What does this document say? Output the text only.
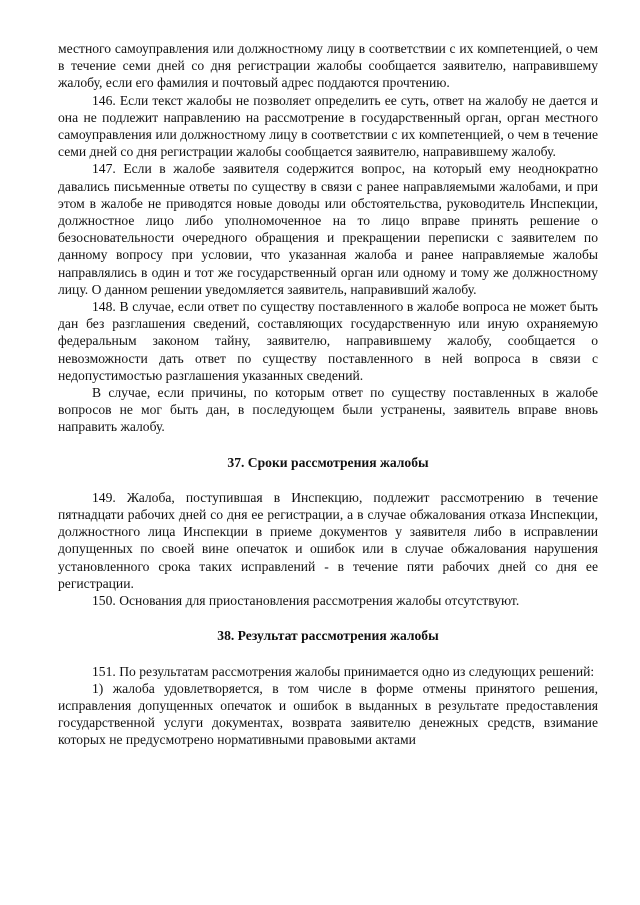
местного самоуправления или должностному лицу в соответствии с их компетенцией, о чем в течение семи дней со дня регистрации жалобы сообщается заявителю, направившему жалобу, если его фамилия и почтовый адрес поддаются прочтению.

146. Если текст жалобы не позволяет определить ее суть, ответ на жалобу не дается и она не подлежит направлению на рассмотрение в государственный орган, орган местного самоуправления или должностному лицу в соответствии с их компетенцией, о чем в течение семи дней со дня регистрации жалобы сообщается заявителю, направившему жалобу.

147. Если в жалобе заявителя содержится вопрос, на который ему неоднократно давались письменные ответы по существу в связи с ранее направляемыми жалобами, и при этом в жалобе не приводятся новые доводы или обстоятельства, руководитель Инспекции, должностное лицо либо уполномоченное на то лицо вправе принять решение о безосновательности очередного обращения и прекращении переписки с заявителем по данному вопросу при условии, что указанная жалоба и ранее направляемые жалобы направлялись в один и тот же государственный орган или одному и тому же должностному лицу. О данном решении уведомляется заявитель, направивший жалобу.

148. В случае, если ответ по существу поставленного в жалобе вопроса не может быть дан без разглашения сведений, составляющих государственную или иную охраняемую федеральным законом тайну, заявителю, направившему жалобу, сообщается о невозможности дать ответ по существу поставленного в ней вопроса в связи с недопустимостью разглашения указанных сведений.

В случае, если причины, по которым ответ по существу поставленных в жалобе вопросов не мог быть дан, в последующем были устранены, заявитель вправе вновь направить жалобу.

37. Сроки рассмотрения жалобы

149. Жалоба, поступившая в Инспекцию, подлежит рассмотрению в течение пятнадцати рабочих дней со дня ее регистрации, а в случае обжалования отказа Инспекции, должностного лица Инспекции в приеме документов у заявителя либо в исправлении допущенных по своей вине опечаток и ошибок или в случае обжалования нарушения установленного срока таких исправлений - в течение пяти рабочих дней со дня ее регистрации.

150. Основания для приостановления рассмотрения жалобы отсутствуют.

38. Результат рассмотрения жалобы

151. По результатам рассмотрения жалобы принимается одно из следующих решений:

1) жалоба удовлетворяется, в том числе в форме отмены принятого решения, исправления допущенных опечаток и ошибок в выданных в результате предоставления государственной услуги документах, возврата заявителю денежных средств, взимание которых не предусмотрено нормативными правовыми актами
